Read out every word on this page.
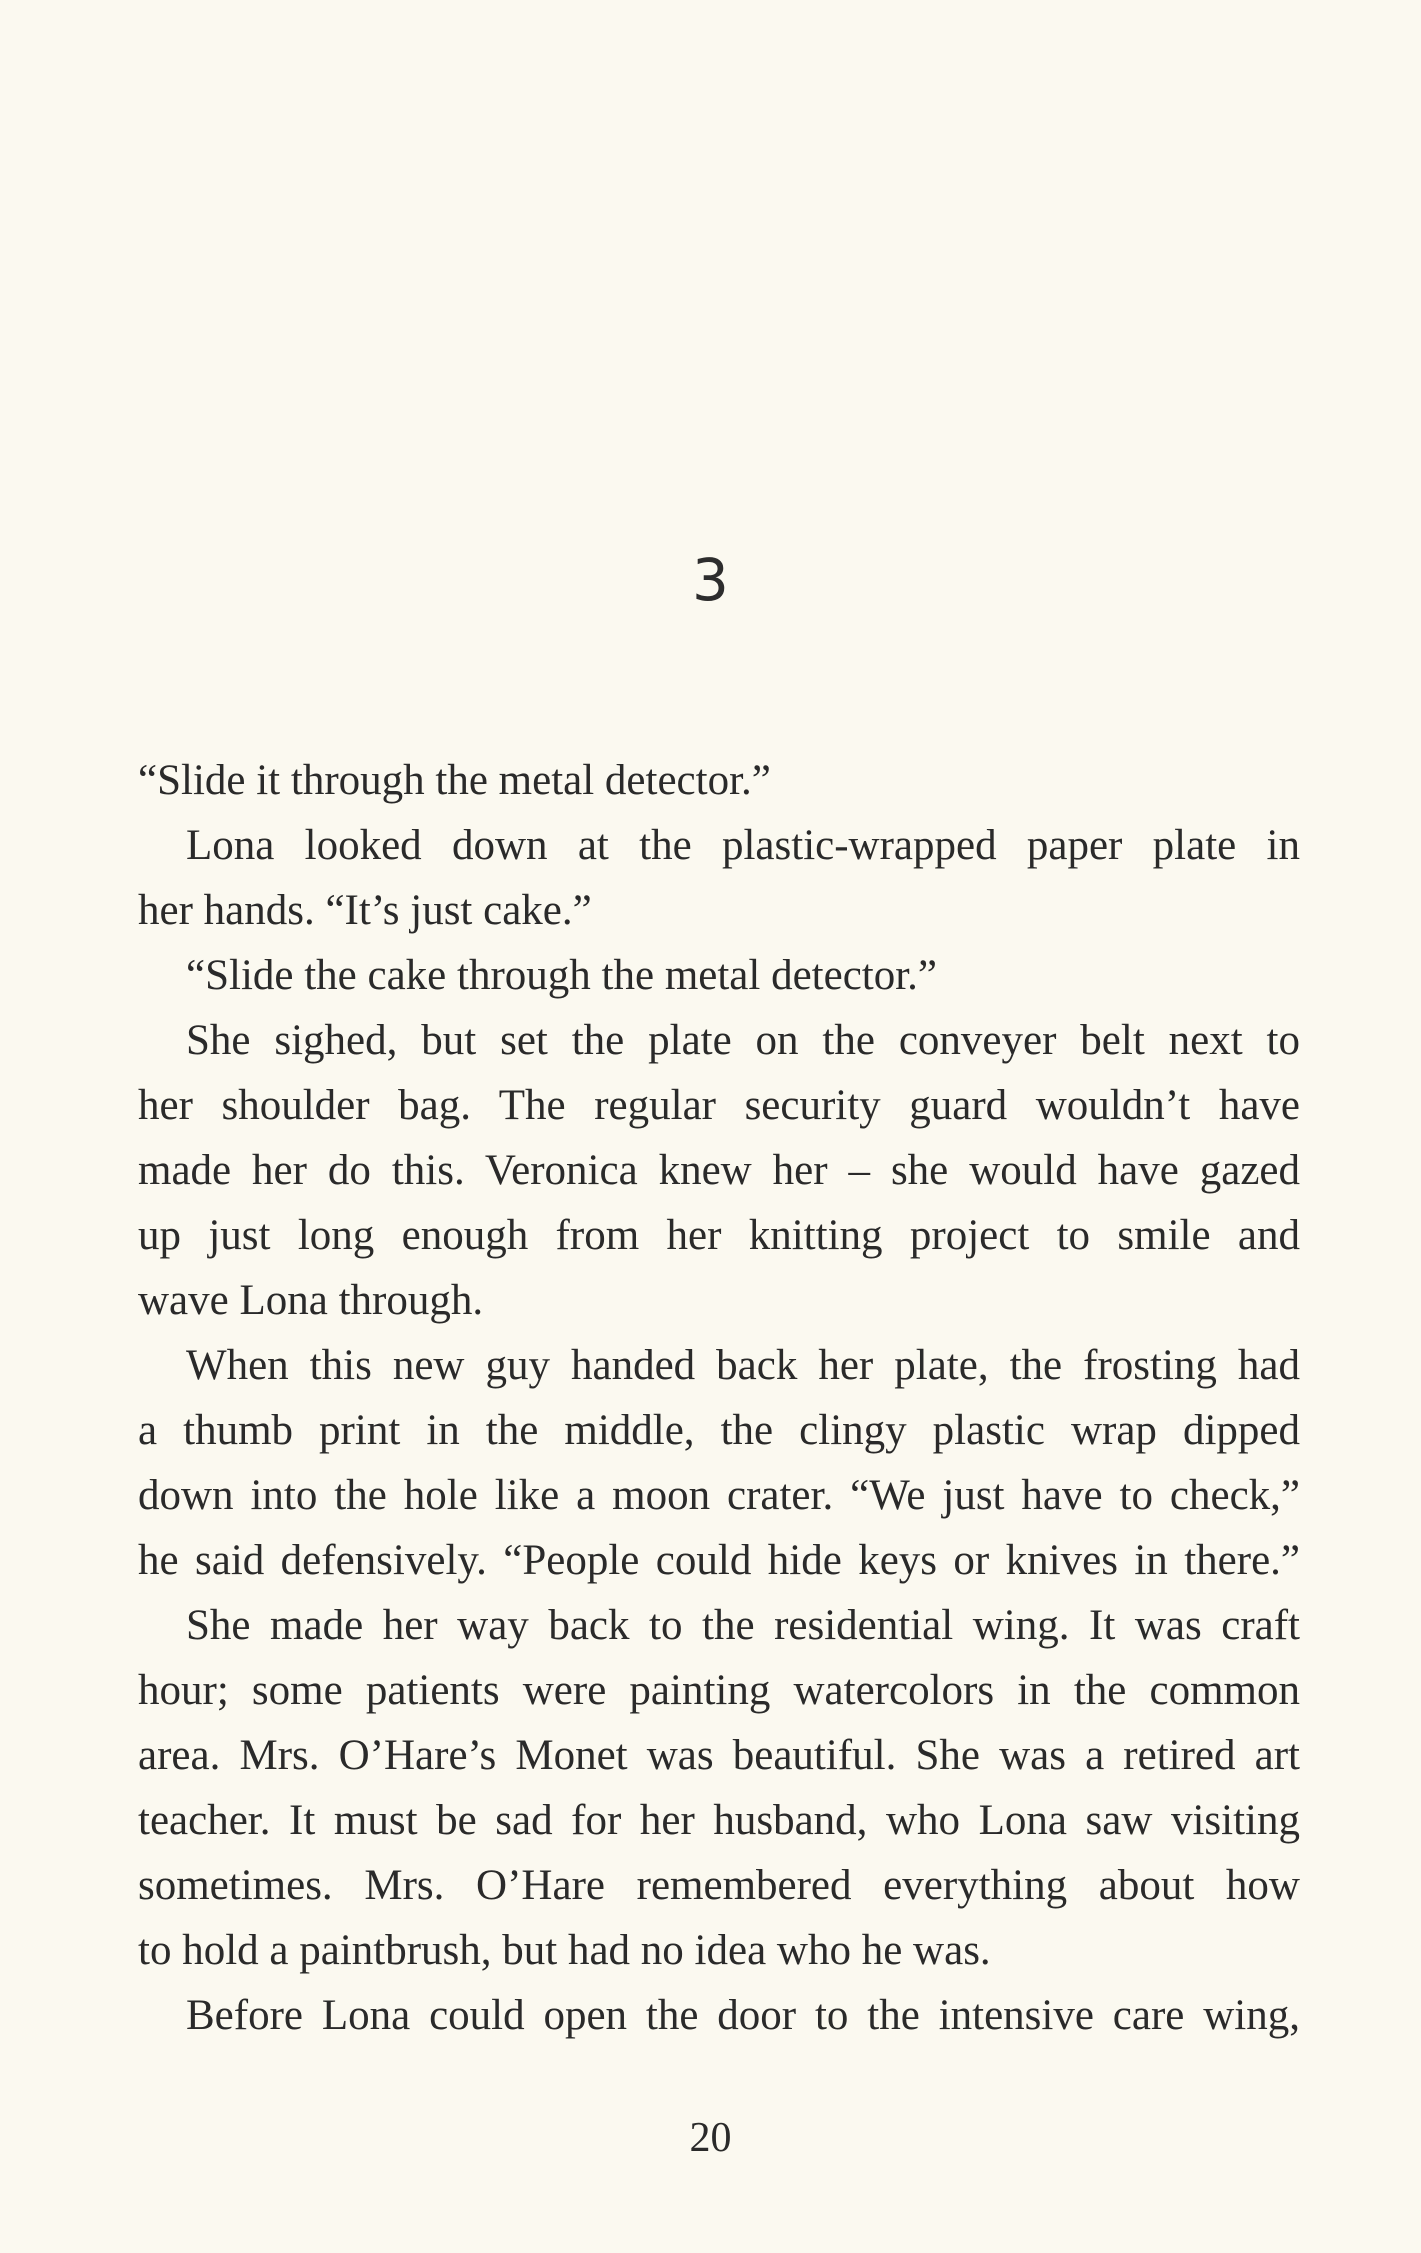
3
“Slide it through the metal detector.”
Lona looked down at the plastic-wrapped paper plate in
her hands. “It’s just cake.”
“Slide the cake through the metal detector.”
She sighed, but set the plate on the conveyer belt next to
her shoulder bag. The regular security guard wouldn’t have
made her do this. Veronica knew her – she would have gazed
up just long enough from her knitting project to smile and
wave Lona through.
When this new guy handed back her plate, the frosting had
a thumb print in the middle, the clingy plastic wrap dipped
down into the hole like a moon crater. “We just have to check,”
he said defensively. “People could hide keys or knives in there.”
She made her way back to the residential wing. It was craft
hour; some patients were painting watercolors in the common
area. Mrs. O’Hare’s Monet was beautiful. She was a retired art
teacher. It must be sad for her husband, who Lona saw visiting
sometimes. Mrs. O’Hare remembered everything about how
to hold a paintbrush, but had no idea who he was.
Before Lona could open the door to the intensive care wing,
20
